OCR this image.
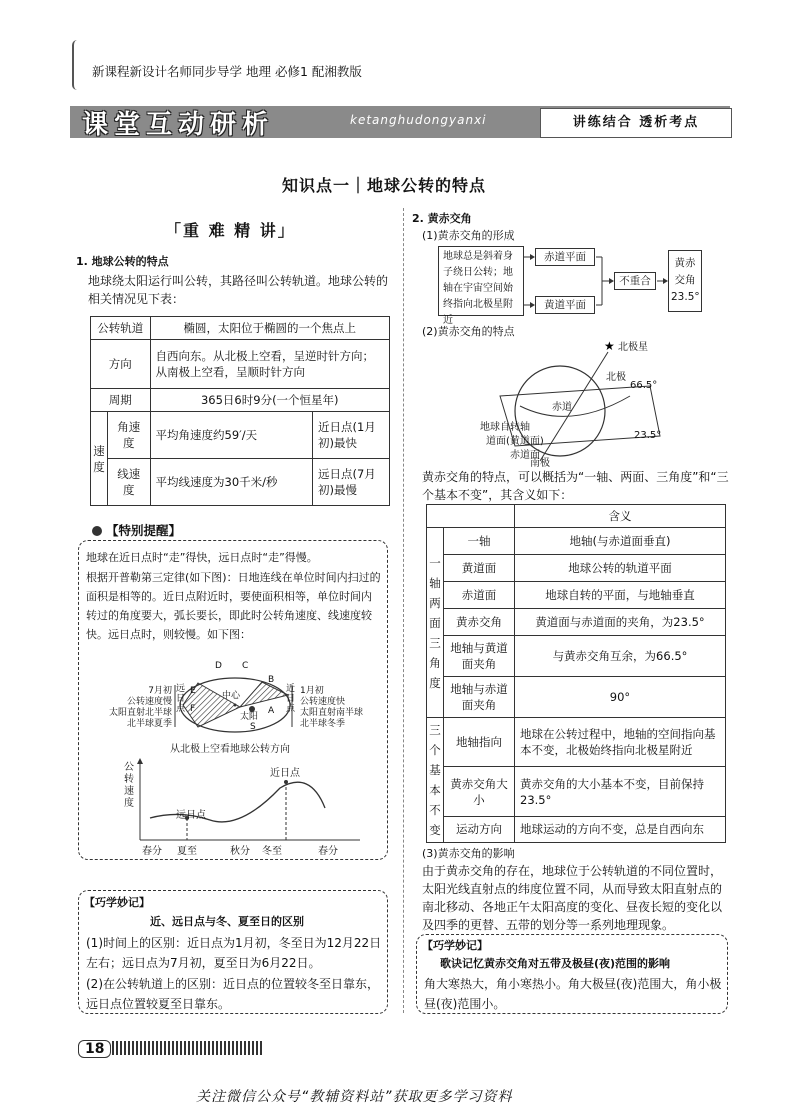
新课程新设计名师同步导学 地理 必修1 配湘教版
课堂互动研析	ketanghudongyanxi	讲练结合 透析考点
知识点一｜地球公转的特点
「重 难 精 讲」
1. 地球公转的特点
地球绕太阳运行叫公转，其路径叫公转轨道。地球公转的相关情况见下表：
公转轨道		椭圆，太阳位于椭圆的一个焦点上	
方向		自西向东。从北极上空看，呈逆时针方向；从南极上空看，呈顺时针方向	
周期		365日6时9分(一个恒星年)	
速度	角速度	平均角速度约59′/天	近日点(1月初)最快
	线速度	平均线速度为30千米/秒	远日点(7月初)最慢
【特别提醒】
地球在近日点时“走”得快，远日点时“走”得慢。
根据开普勒第三定律(如下图)：日地连线在单位时间内扫过的面积是相等的。近日点附近时，要使面积相等，单位时间内转过的角度要大，弧长要长，即此时公转角速度、线速度较快。远日点时，则较慢。如下图：
D C
B
A
E
F
S
中心
太阳
远日点
近日点
7月初
公转速度慢
太阳直射北半球
北半球夏季
1月初
公转速度快
太阳直射南半球
北半球冬季
从北极上空看地球公转方向
公转速度
近日点
远日点
春分 夏至	秋分 冬至	春分
【巧学妙记】
近、远日点与冬、夏至日的区别
(1)时间上的区别：近日点为1月初，冬至日为12月22日左右；远日点为7月初，夏至日为6月22日。
(2)在公转轨道上的区别：近日点的位置较冬至日靠东，远日点位置较夏至日靠东。
2. 黄赤交角
(1)黄赤交角的形成
地球总是斜着身子绕日公转；地轴在宇宙空间始终指向北极星附近
赤道平面
黄道平面
不重合
黄赤交角23.5°
(2)黄赤交角的特点
★ 北极星
北极
66.5°
23.5°
赤道
地球自转轴
道面(黄道面)
赤道面
南极
黄赤交角的特点，可以概括为“一轴、两面、三角度”和“三个基本不变”，其含义如下：
		含义
一轴两面三角度	一轴	地轴(与赤道面垂直)
	黄道面	地球公转的轨道平面
	赤道面	地球自转的平面，与地轴垂直
	黄赤交角	黄道面与赤道面的夹角，为23.5°
	地轴与黄道面夹角	与黄赤交角互余，为66.5°
	地轴与赤道面夹角	90°
三个基本不变	地轴指向	地球在公转过程中，地轴的空间指向基本不变，北极始终指向北极星附近
	黄赤交角大小	黄赤交角的大小基本不变，目前保持23.5°
	运动方向	地球运动的方向不变，总是自西向东
(3)黄赤交角的影响
由于黄赤交角的存在，地球位于公转轨道的不同位置时，太阳光线直射点的纬度位置不同，从而导致太阳直射点的南北移动、各地正午太阳高度的变化、昼夜长短的变化以及四季的更替、五带的划分等一系列地理现象。
【巧学妙记】
歌诀记忆黄赤交角对五带及极昼(夜)范围的影响
角大寒热大，角小寒热小。角大极昼(夜)范围大，角小极昼(夜)范围小。
18
关注微信公众号“教辅资料站”获取更多学习资料
